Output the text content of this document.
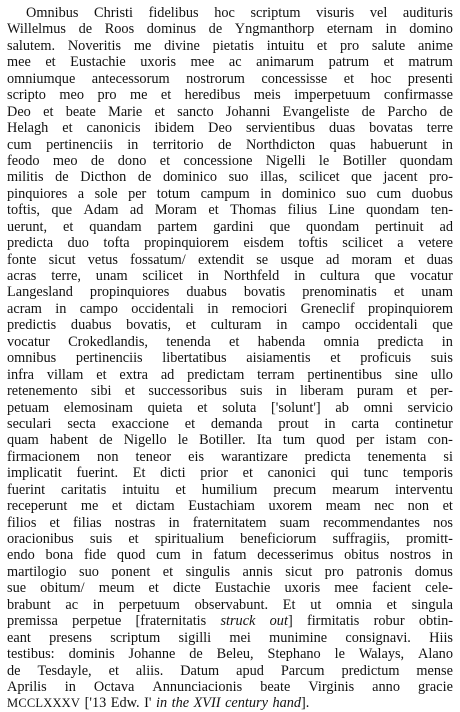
Omnibus Christi fidelibus hoc scriptum visuris vel audituris
Willelmus de Roos dominus de Yngmanthorp eternam in domino
salutem. Noveritis me divine pietatis intuitu et pro salute anime
mee et Eustachie uxoris mee ac animarum patrum et matrum
omniumque antecessorum nostrorum concessisse et hoc presenti
scripto meo pro me et heredibus meis imperpetuum confirmasse
Deo et beate Marie et sancto Johanni Evangeliste de Parcho de
Helagh et canonicis ibidem Deo servientibus duas bovatas terre
cum pertinenciis in territorio de Northdicton quas habuerunt in
feodo meo de dono et concessione Nigelli le Botiller quondam
militis de Dicthon de dominico suo illas, scilicet que jacent pro-
pinquiores a sole per totum campum in dominico suo cum duobus
toftis, que Adam ad Moram et Thomas filius Line quondam ten-
uerunt, et quandam partem gardini que quondam pertinuit ad
predicta duo tofta propinquiorem eisdem toftis scilicet a vetere
fonte sicut vetus fossatum/ extendit se usque ad moram et duas
acras terre, unam scilicet in Northfeld in cultura que vocatur
Langesland propinquiores duabus bovatis prenominatis et unam
acram in campo occidentali in remociori Greneclif propinquiorem
predictis duabus bovatis, et culturam in campo occidentali que
vocatur Crokedlandis, tenenda et habenda omnia predicta in
omnibus pertinenciis libertatibus aisiamentis et proficuis suis
infra villam et extra ad predictam terram pertinentibus sine ullo
retenemento sibi et successoribus suis in liberam puram et per-
petuam elemosinam quieta et soluta ['solunt'] ab omni servicio
seculari secta exaccione et demanda prout in carta continetur
quam habent de Nigello le Botiller. Ita tum quod per istam con-
firmacionem non teneor eis warantizare predicta tenementa si
implicatit fuerint. Et dicti prior et canonici qui tunc temporis
fuerint caritatis intuitu et humilium precum mearum interventu
receperunt me et dictam Eustachiam uxorem meam nec non et
filios et filias nostras in fraternitatem suam recommendantes nos
oracionibus suis et spiritualium beneficiorum suffragiis, promitt-
endo bona fide quod cum in fatum decesserimus obitus nostros in
martilogio suo ponent et singulis annis sicut pro patronis domus
sue obitum/ meum et dicte Eustachie uxoris mee facient cele-
brabunt ac in perpetuum observabunt. Et ut omnia et singula
premissa perpetue [fraternitatis struck out] firmitatis robur obtin-
eant presens scriptum sigilli mei munimine consignavi. Hiis
testibus: dominis Johanne de Beleu, Stephano le Walays, Alano
de Tesdayle, et aliis. Datum apud Parcum predictum mense
Aprilis in Octava Annunciacionis beate Virginis anno gracie
MCCLXXXV ['13 Edw. I' in the XVII century hand].
